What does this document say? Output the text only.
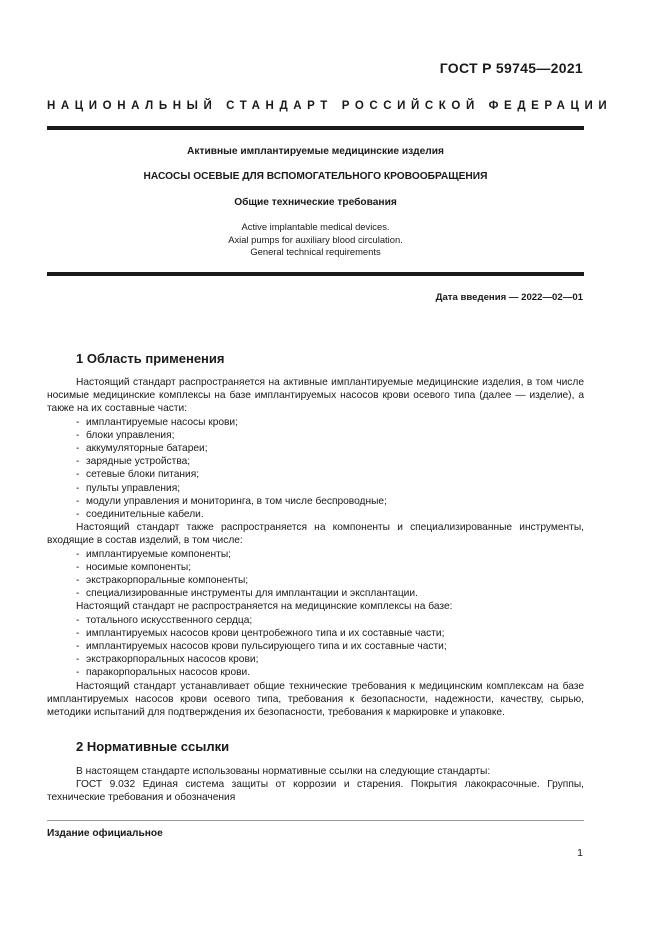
ГОСТ Р 59745—2021
НАЦИОНАЛЬНЫЙ СТАНДАРТ РОССИЙСКОЙ ФЕДЕРАЦИИ
Активные имплантируемые медицинские изделия
НАСОСЫ ОСЕВЫЕ ДЛЯ ВСПОМОГАТЕЛЬНОГО КРОВООБРАЩЕНИЯ
Общие технические требования
Active implantable medical devices.
Axial pumps for auxiliary blood circulation.
General technical requirements
Дата введения — 2022—02—01
1 Область применения

Настоящий стандарт распространяется на активные имплантируемые медицинские изделия, в том числе носимые медицинские комплексы на базе имплантируемых насосов крови осевого типа (далее — изделие), а также на их составные части:

- имплантируемые насосы крови;
- блоки управления;
- аккумуляторные батареи;
- зарядные устройства;
- сетевые блоки питания;
- пульты управления;
- модули управления и мониторинга, в том числе беспроводные;
- соединительные кабели.

Настоящий стандарт также распространяется на компоненты и специализированные инструменты, входящие в состав изделий, в том числе:

- имплантируемые компоненты;
- носимые компоненты;
- экстракорпоральные компоненты;
- специализированные инструменты для имплантации и эксплантации.

Настоящий стандарт не распространяется на медицинские комплексы на базе:

- тотального искусственного сердца;
- имплантируемых насосов крови центробежного типа и их составные части;
- имплантируемых насосов крови пульсирующего типа и их составные части;
- экстракорпоральных насосов крови;
- паракорпоральных насосов крови.

Настоящий стандарт устанавливает общие технические требования к медицинским комплексам на базе имплантируемых насосов крови осевого типа, требования к безопасности, надежности, качеству, сырью, методики испытаний для подтверждения их безопасности, требования к маркировке и упаковке.

2 Нормативные ссылки

В настоящем стандарте использованы нормативные ссылки на следующие стандарты:

ГОСТ 9.032 Единая система защиты от коррозии и старения. Покрытия лакокрасочные. Группы, технические требования и обозначения

Издание официальное
1
